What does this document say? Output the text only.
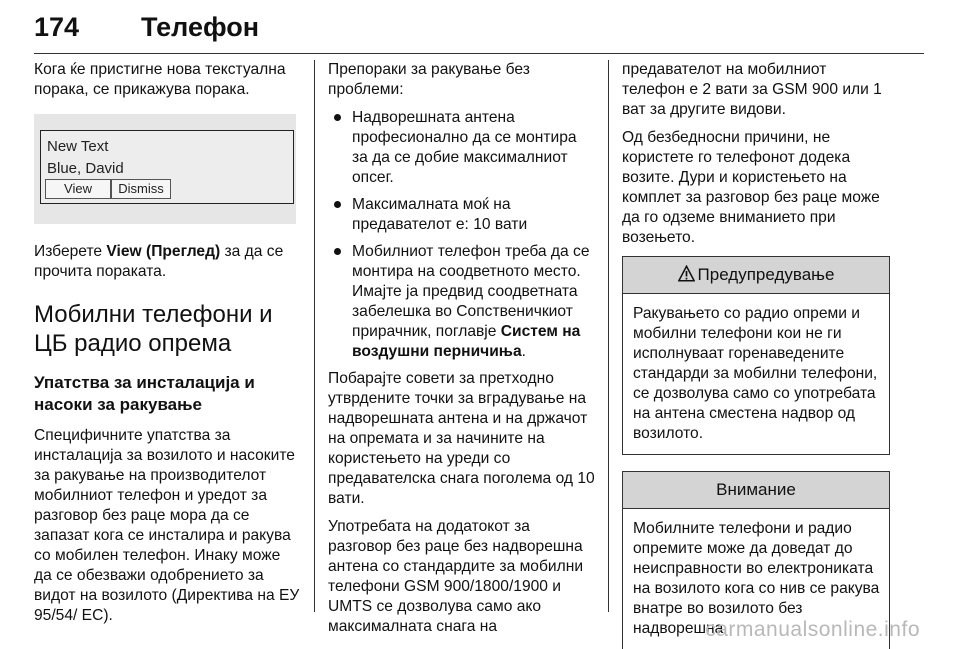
174 Телефон

Кога ќе пристигне нова текстуална порака, се прикажува порака.

New Text
Blue, David
View	Dismiss

Изберете View (Преглед) за да се прочита пораката.

Мобилни телефони и ЦБ радио опрема
Упатства за инсталација и насоки за ракување

Специфичните упатства за инсталација за возилото и насоките за ракување на производителот мобилниот телефон и уредот за разговор без раце мора да се запазат кога се инсталира и ракува со мобилен телефон. Инаку може да се обезважи одобрението за видот на возилото (Директива на ЕУ 95/54/ ЕС).

Препораки за ракување без проблеми:

Надворешната антена професионално да се монтира за да се добие максималниот опсег.
Максималната моќ на предавателот е: 10 вати
Мобилниот телефон треба да се монтира на соодветното место. Имајте ја предвид соодветната забелешка во Сопственичкиот прирачник, поглавје Систем на воздушни перничиња.

Побарајте совети за претходно утврдените точки за вградување на надворешната антена и на држачот на опремата и за начините на користењето на уреди со предавателска снага поголема од 10 вати.

Употребата на додатокот за разговор без раце без надворешна антена со стандардите за мобилни телефони GSM 900/1800/1900 и UMTS се дозволува само ако максималната снага на

предавателот на мобилниот телефон е 2 вати за GSM 900 или 1 ват за другите видови.

Од безбедносни причини, не користете го телефонот додека возите. Дури и користењето на комплет за разговор без раце може да го одземе вниманието при возењето.

Предупредување
Ракувањето со радио опреми и мобилни телефони кои не ги исполнуваат горенаведените стандарди за мобилни телефони, се дозволува само со употребата на антена сместена надвор од возилото.
Внимание
Мобилните телефони и радио опремите може да доведат до неисправности во електрониката на возилото кога со нив се ракува внатре во возилото без надворешна
carmanualsonline.info
